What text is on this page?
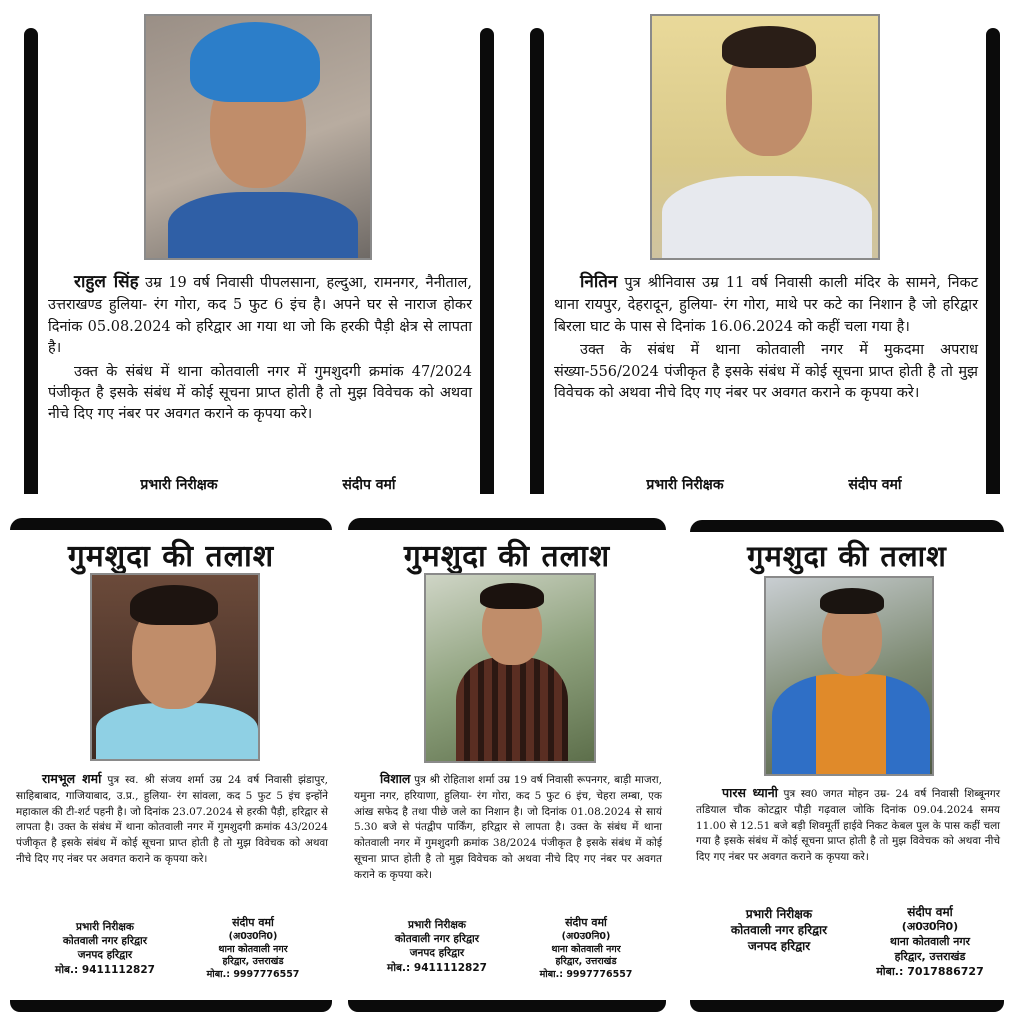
राहुल सिंह उम्र 19 वर्ष निवासी पीपलसाना, हल्दुआ, रामनगर, नैनीताल, उत्तराखण्ड हुलिया- रंग गोरा, कद 5 फुट 6 इंच है। अपने घर से नाराज होकर दिनांक 05.08.2024 को हरिद्वार आ गया था जो कि हरकी पैड़ी क्षेत्र से लापता है।
उक्त के संबंध में थाना कोतवाली नगर में गुमशुदगी क्रमांक 47/2024 पंजीकृत है इसके संबंध में कोई सूचना प्राप्त होती है तो मुझ विवेचक को अथवा नीचे दिए गए नंबर पर अवगत कराने क कृपया करे।
प्रभारी निरीक्षक	संदीप वर्मा
नितिन पुत्र श्रीनिवास उम्र 11 वर्ष निवासी काली मंदिर के सामने, निकट थाना रायपुर, देहरादून, हुलिया- रंग गोरा, माथे पर कटे का निशान है जो हरिद्वार बिरला घाट के पास से दिनांक 16.06.2024 को कहीं चला गया है।
उक्त के संबंध में थाना कोतवाली नगर में मुकदमा अपराध संख्या-556/2024 पंजीकृत है इसके संबंध में कोई सूचना प्राप्त होती है तो मुझ विवेचक को अथवा नीचे दिए गए नंबर पर अवगत कराने क कृपया करे।
प्रभारी निरीक्षक	संदीप वर्मा
गुमशुदा की तलाश
रामभूल शर्मा पुत्र स्व. श्री संजय शर्मा उम्र 24 वर्ष निवासी झंडापुर, साहिबाबाद, गाजियाबाद, उ.प्र., हुलिया- रंग सांवला, कद 5 फुट 5 इंच इन्होंने महाकाल की टी-शर्ट पहनी है। जो दिनांक 23.07.2024 से हरकी पैड़ी, हरिद्वार से लापता है। उक्त के संबंध में थाना कोतवाली नगर में गुमशुदगी क्रमांक 43/2024 पंजीकृत है इसके संबंध में कोई सूचना प्राप्त होती है तो मुझ विवेचक को अथवा नीचे दिए गए नंबर पर अवगत कराने क कृपया करे।
प्रभारी निरीक्षक
कोतवाली नगर हरिद्वार
जनपद हरिद्वार
मोब.: 9411112827
संदीप वर्मा
(अ0उ0नि0)
थाना कोतवाली नगर
हरिद्वार, उत्तराखंड
मोबा.: 9997776557
गुमशुदा की तलाश
विशाल पुत्र श्री रोहिताश शर्मा उम्र 19 वर्ष निवासी रूपनगर, बाड़ी माजरा, यमुना नगर, हरियाणा, हुलिया- रंग गोरा, कद 5 फुट 6 इंच, चेहरा लम्बा, एक आंख सफेद है तथा पीछे जले का निशान है। जो दिनांक 01.08.2024 से सायं 5.30 बजे से पंतद्वीप पार्किंग, हरिद्वार से लापता है। उक्त के संबंध में थाना कोतवाली नगर में गुमशुदगी क्रमांक 38/2024 पंजीकृत है इसके संबंध में कोई सूचना प्राप्त होती है तो मुझ विवेचक को अथवा नीचे दिए गए नंबर पर अवगत कराने क कृपया करे।
प्रभारी निरीक्षक
कोतवाली नगर हरिद्वार
जनपद हरिद्वार
मोब.: 9411112827
संदीप वर्मा
(अ0उ0नि0)
थाना कोतवाली नगर
हरिद्वार, उत्तराखंड
मोबा.: 9997776557
गुमशुदा की तलाश
पारस ध्यानी पुत्र स्व0 जगत मोहन उम्र- 24 वर्ष निवासी शिब्बूनगर तडियाल चौक कोटद्वार पौड़ी गढ़वाल जोकि दिनांक 09.04.2024 समय 11.00 से 12.51 बजे बड़ी शिवमूर्ती हाईवे निकट केबल पुल के पास कहीं चला गया है इसके संबंध में कोई सूचना प्राप्त होती है तो मुझ विवेचक को अथवा नीचे दिए गए नंबर पर अवगत कराने क कृपया करे।
प्रभारी निरीक्षक
कोतवाली नगर हरिद्वार
जनपद हरिद्वार
संदीप वर्मा
(अ0उ0नि0)
थाना कोतवाली नगर
हरिद्वार, उत्तराखंड
मोबा.: 7017886727
